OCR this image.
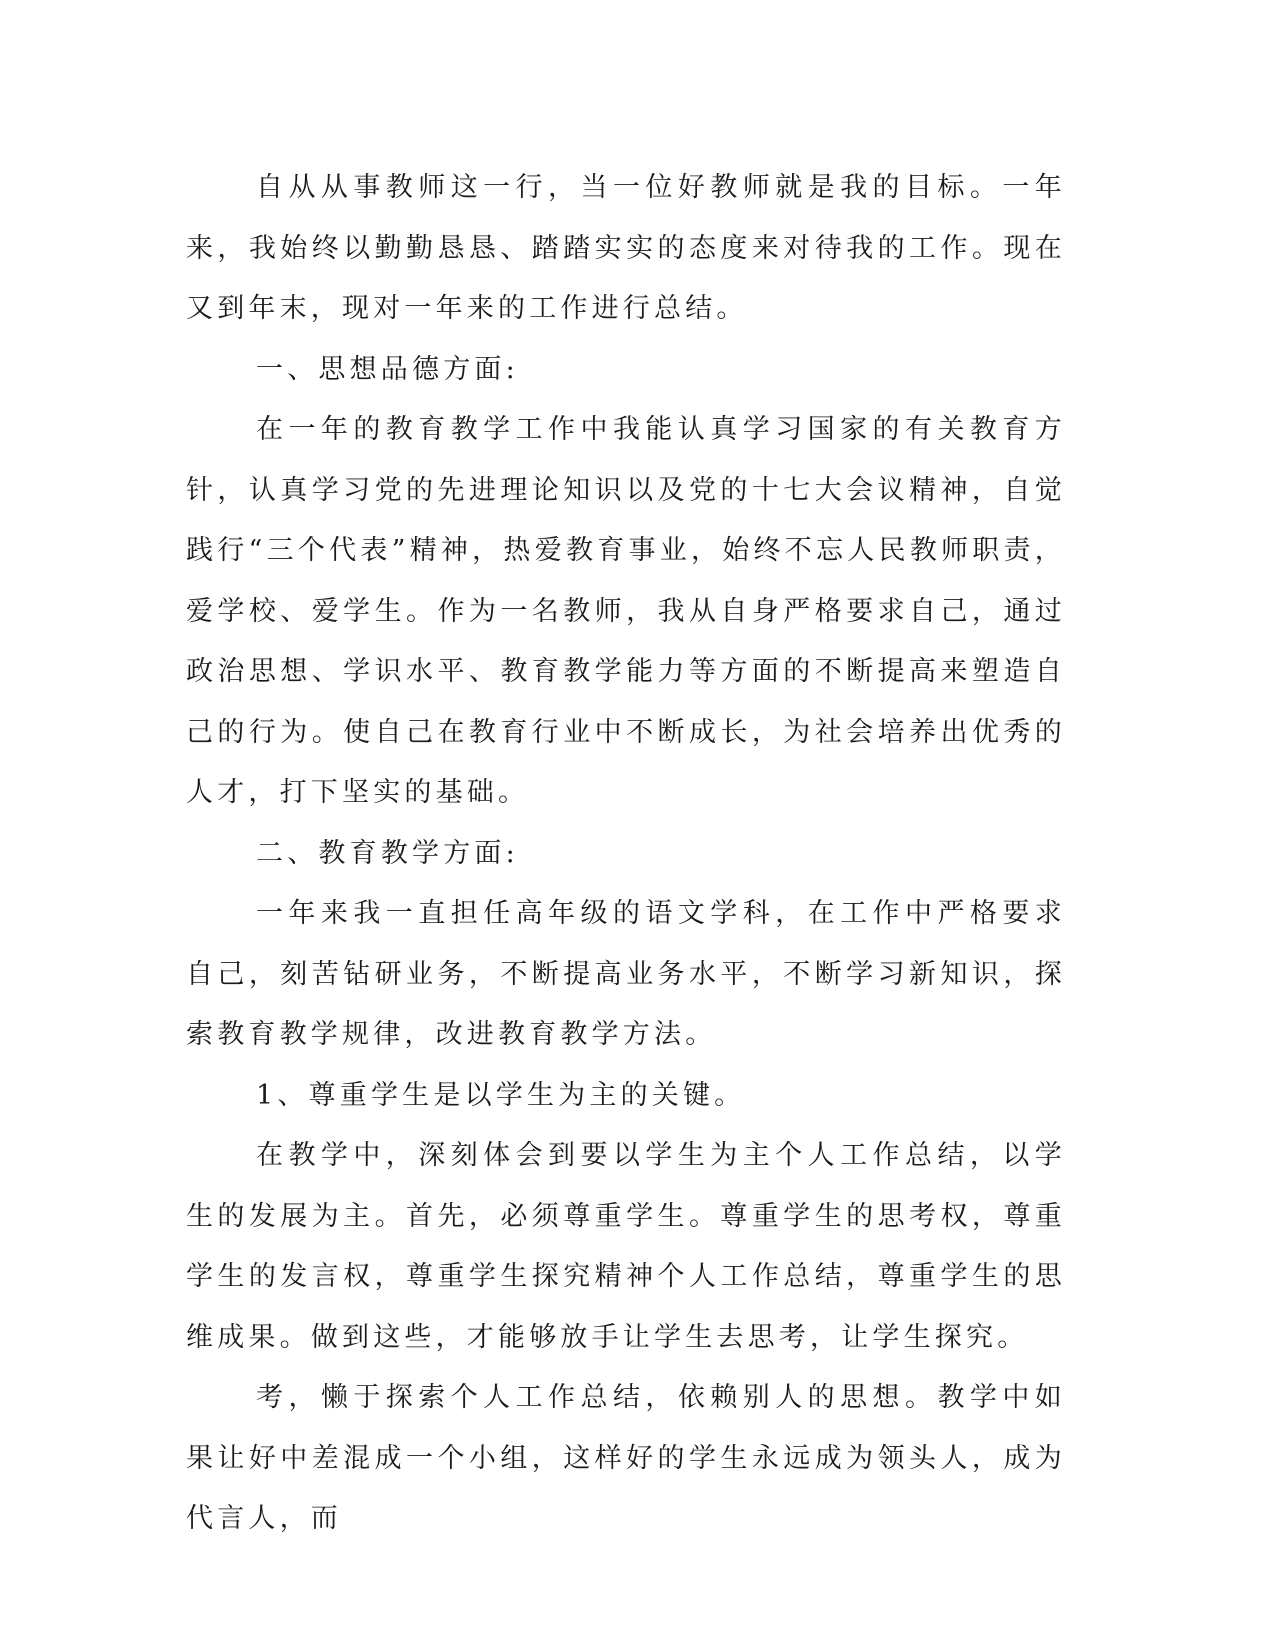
自从从事教师这一行，当一位好教师就是我的目标。一年来，我始终以勤勤恳恳、踏踏实实的态度来对待我的工作。现在又到年末，现对一年来的工作进行总结。

一、思想品德方面:

在一年的教育教学工作中我能认真学习国家的有关教育方针，认真学习党的先进理论知识以及党的十七大会议精神，自觉践行“三个代表”精神，热爱教育事业，始终不忘人民教师职责，爱学校、爱学生。作为一名教师，我从自身严格要求自己，通过政治思想、学识水平、教育教学能力等方面的不断提高来塑造自己的行为。使自己在教育行业中不断成长，为社会培养出优秀的人才，打下坚实的基础。

二、教育教学方面:

一年来我一直担任高年级的语文学科，在工作中严格要求自己，刻苦钻研业务，不断提高业务水平，不断学习新知识，探索教育教学规律，改进教育教学方法。

1、尊重学生是以学生为主的关键。

在教学中，深刻体会到要以学生为主个人工作总结，以学生的发展为主。首先，必须尊重学生。尊重学生的思考权，尊重学生的发言权，尊重学生探究精神个人工作总结，尊重学生的思维成果。做到这些，才能够放手让学生去思考，让学生探究。

考，懒于探索个人工作总结，依赖别人的思想。教学中如果让好中差混成一个小组，这样好的学生永远成为领头人，成为代言人，而
